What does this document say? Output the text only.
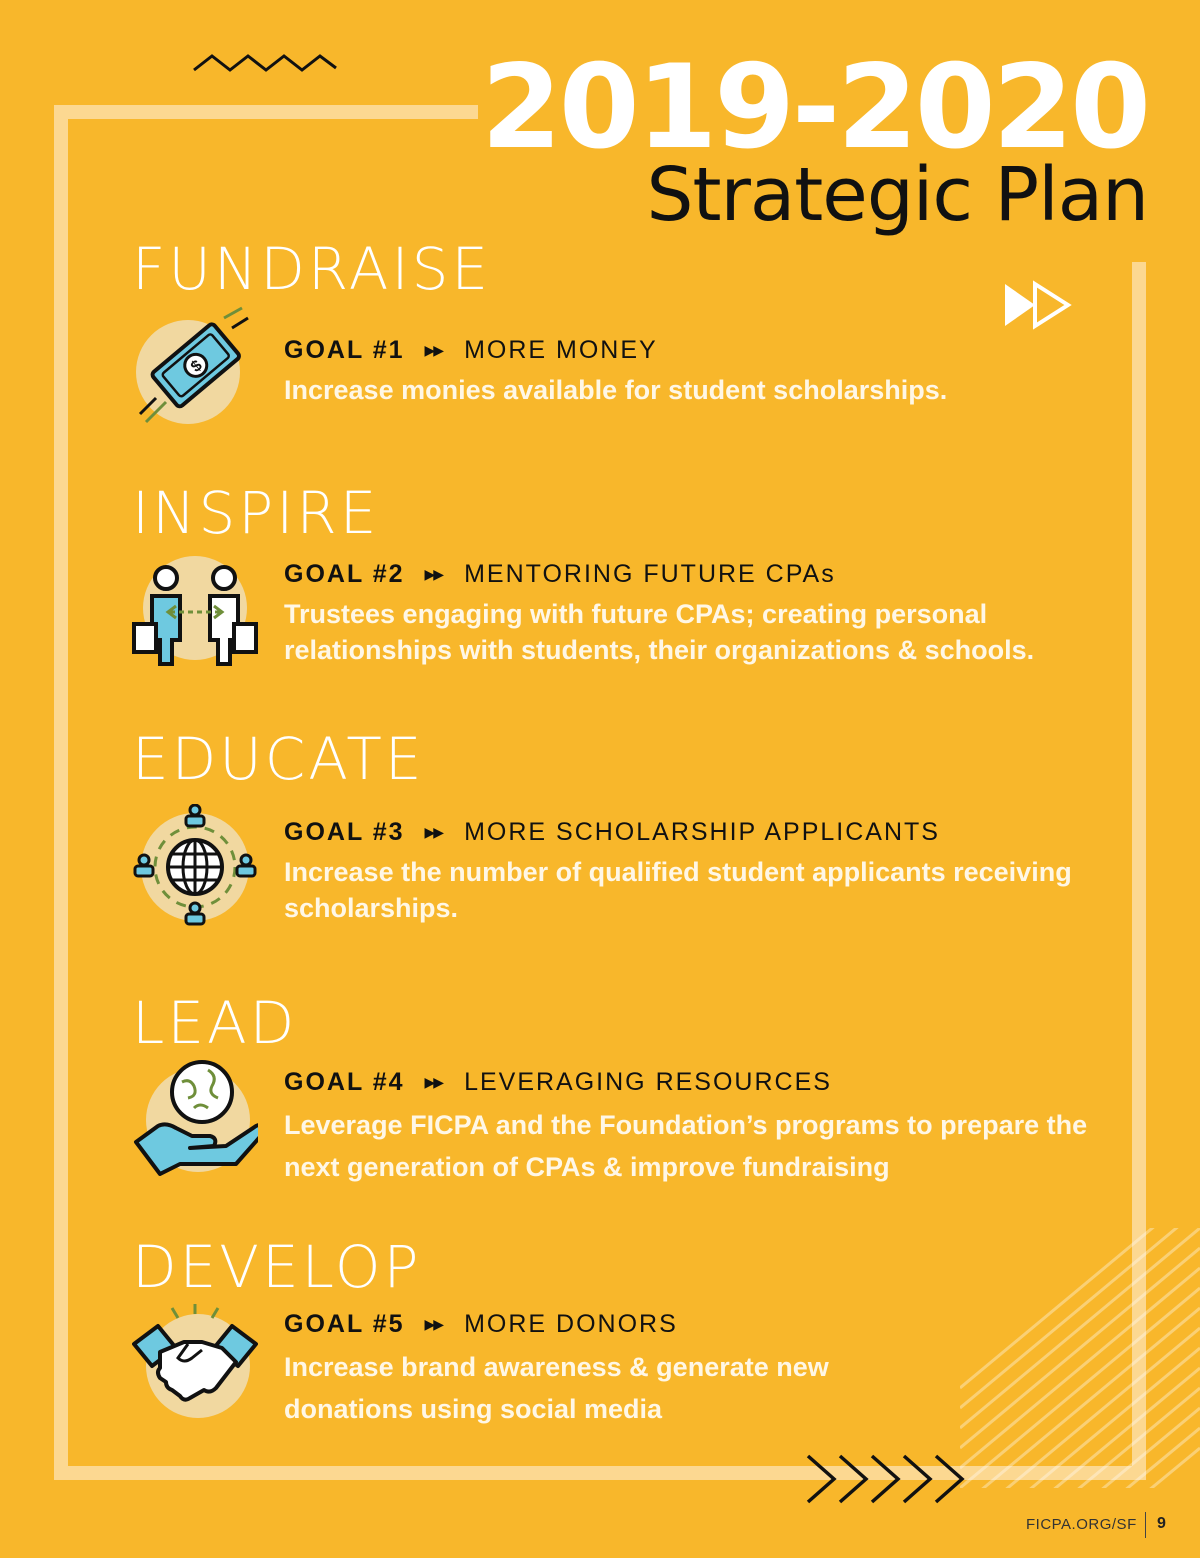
2019-2020
Strategic Plan
FUNDRAISE
$
GOAL #1 ▶▶ MORE MONEY
Increase monies available for student scholarships.
INSPIRE
GOAL #2 ▶▶ MENTORING FUTURE CPAs
Trustees engaging with future CPAs; creating personal relationships with students, their organizations & schools.
EDUCATE
GOAL #3 ▶▶ MORE SCHOLARSHIP APPLICANTS
Increase the number of qualified student applicants receiving scholarships.
LEAD
GOAL #4 ▶▶ LEVERAGING RESOURCES
Leverage FICPA and the Foundation’s programs to prepare the next generation of CPAs & improve fundraising
DEVELOP
GOAL #5 ▶▶ MORE DONORS
Increase brand awareness & generate new donations using social media
FICPA.ORG/SF 9
